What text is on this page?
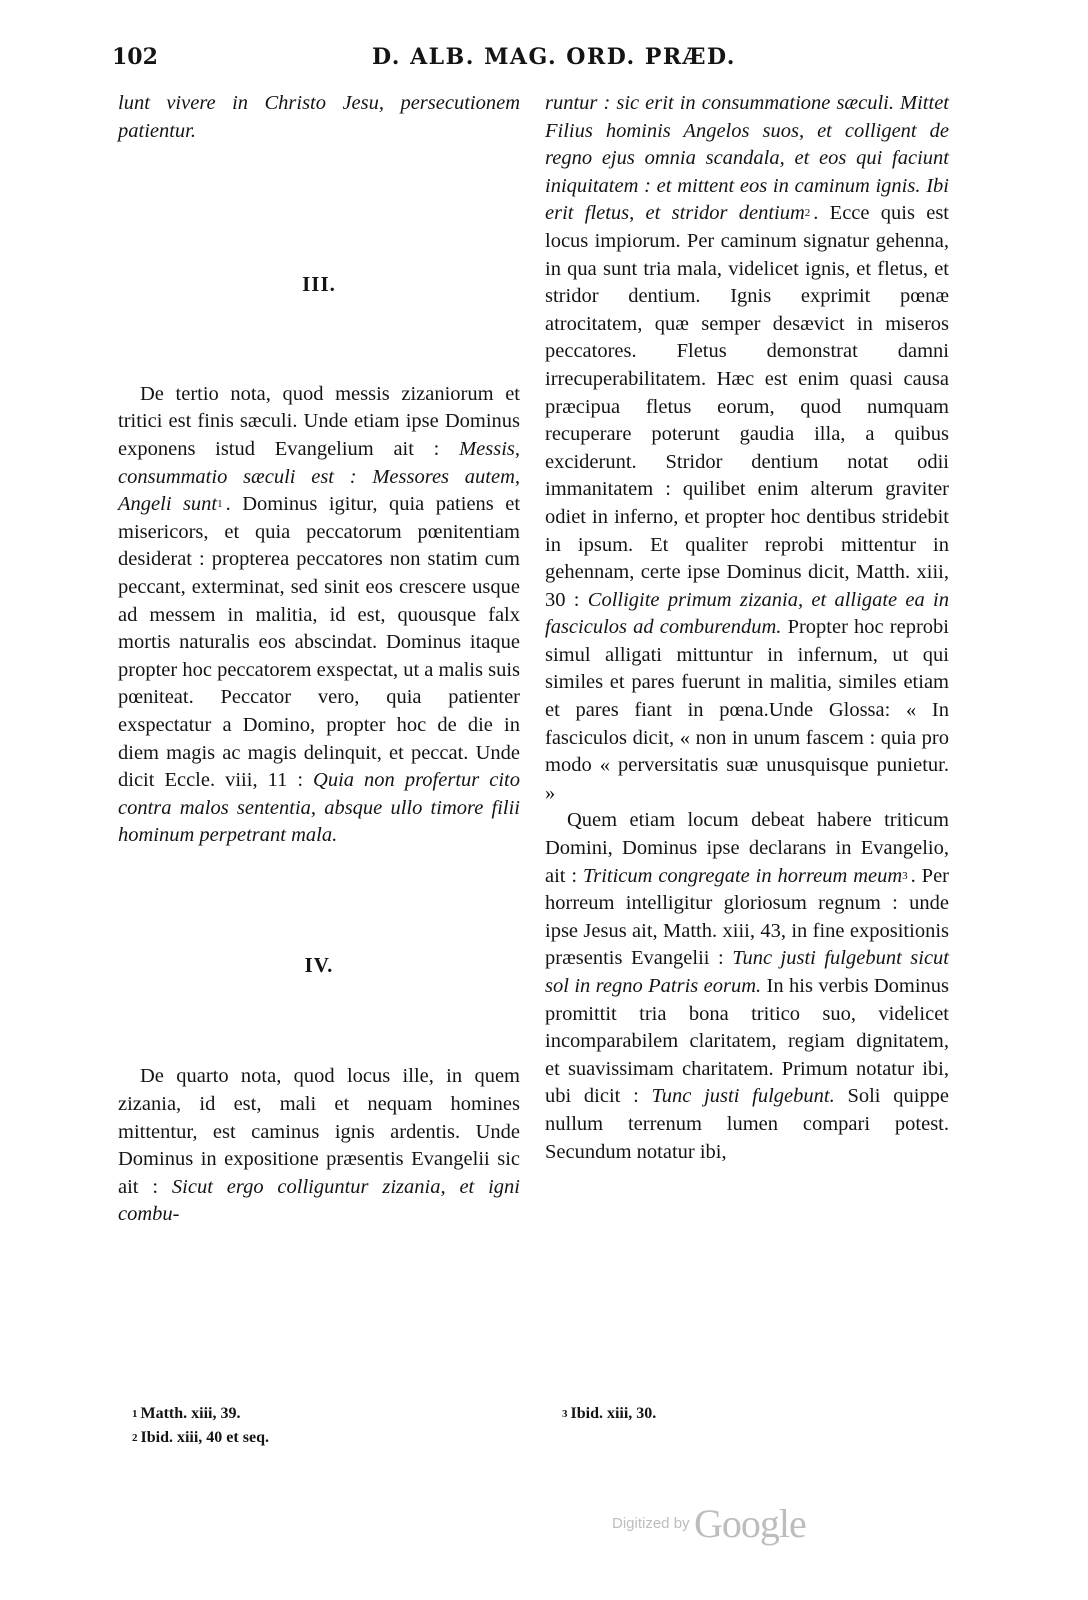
102	D. ALB. MAG. ORD. PRÆD.

lunt vivere in Christo Jesu, persecutionem patientur.

III.

De tertio nota, quod messis zizaniorum et tritici est finis sæculi. Unde etiam ipse Dominus exponens istud Evangelium ait : Messis, consummatio sæculi est : Messores autem, Angeli sunt$^1$ . Dominus igitur, quia patiens et misericors, et quia peccatorum pœnitentiam desiderat : propterea peccatores non statim cum peccant, exterminat, sed sinit eos crescere usque ad messem in malitia, id est, quousque falx mortis naturalis eos abscindat. Dominus itaque propter hoc peccatorem exspectat, ut a malis suis pœniteat. Peccator vero, quia patienter exspectatur a Domino, propter hoc de die in diem magis ac magis delinquit, et peccat. Unde dicit Eccle. viii, 11 : Quia non profertur cito contra malos sententia, absque ullo timore filii hominum perpetrant mala.

IV.

De quarto nota, quod locus ille, in quem zizania, id est, mali et nequam homines mittentur, est caminus ignis ardentis. Unde Dominus in expositione præsentis Evangelii sic ait : Sicut ergo colliguntur zizania, et igni combu-

runtur : sic erit in consummatione sæculi. Mittet Filius hominis Angelos suos, et colligent de regno ejus omnia scandala, et eos qui faciunt iniquitatem : et mittent eos in caminum ignis. Ibi erit fletus, et stridor dentium$^2$ . Ecce quis est locus impiorum. Per caminum signatur gehenna, in qua sunt tria mala, videlicet ignis, et fletus, et stridor dentium. Ignis exprimit pœnæ atrocitatem, quæ semper desævict in miseros peccatores. Fletus demonstrat damni irrecuperabilitatem. Hæc est enim quasi causa præcipua fletus eorum, quod numquam recuperare poterunt gaudia illa, a quibus exciderunt. Stridor dentium notat odii immanitatem : quilibet enim alterum graviter odiet in inferno, et propter hoc dentibus stridebit in ipsum. Et qualiter reprobi mittentur in gehennam, certe ipse Dominus dicit, Matth. xiii, 30 : Colligite primum zizania, et alligate ea in fasciculos ad comburendum. Propter hoc reprobi simul alligati mittuntur in infernum, ut qui similes et pares fuerunt in malitia, similes etiam et pares fiant in pœna.Unde Glossa: « In fasciculos dicit, « non in unum fascem : quia pro modo « perversitatis suæ unusquisque punietur. »

Quem etiam locum debeat habere triticum Domini, Dominus ipse declarans in Evangelio, ait : Triticum congregate in horreum meum$^3$ . Per horreum intelligitur gloriosum regnum : unde ipse Jesus ait, Matth. xiii, 43, in fine expositionis præsentis Evangelii : Tunc justi fulgebunt sicut sol in regno Patris eorum. In his verbis Dominus promittit tria bona tritico suo, videlicet incomparabilem claritatem, regiam dignitatem, et suavissimam charitatem. Primum notatur ibi, ubi dicit : Tunc justi fulgebunt. Soli quippe nullum terrenum lumen compari potest. Secundum notatur ibi,

$^1$ Matth. xiii, 39.
$^2$ Ibid. xiii, 40 et seq.
$^3$ Ibid. xiii, 30.
Digitized by Google
